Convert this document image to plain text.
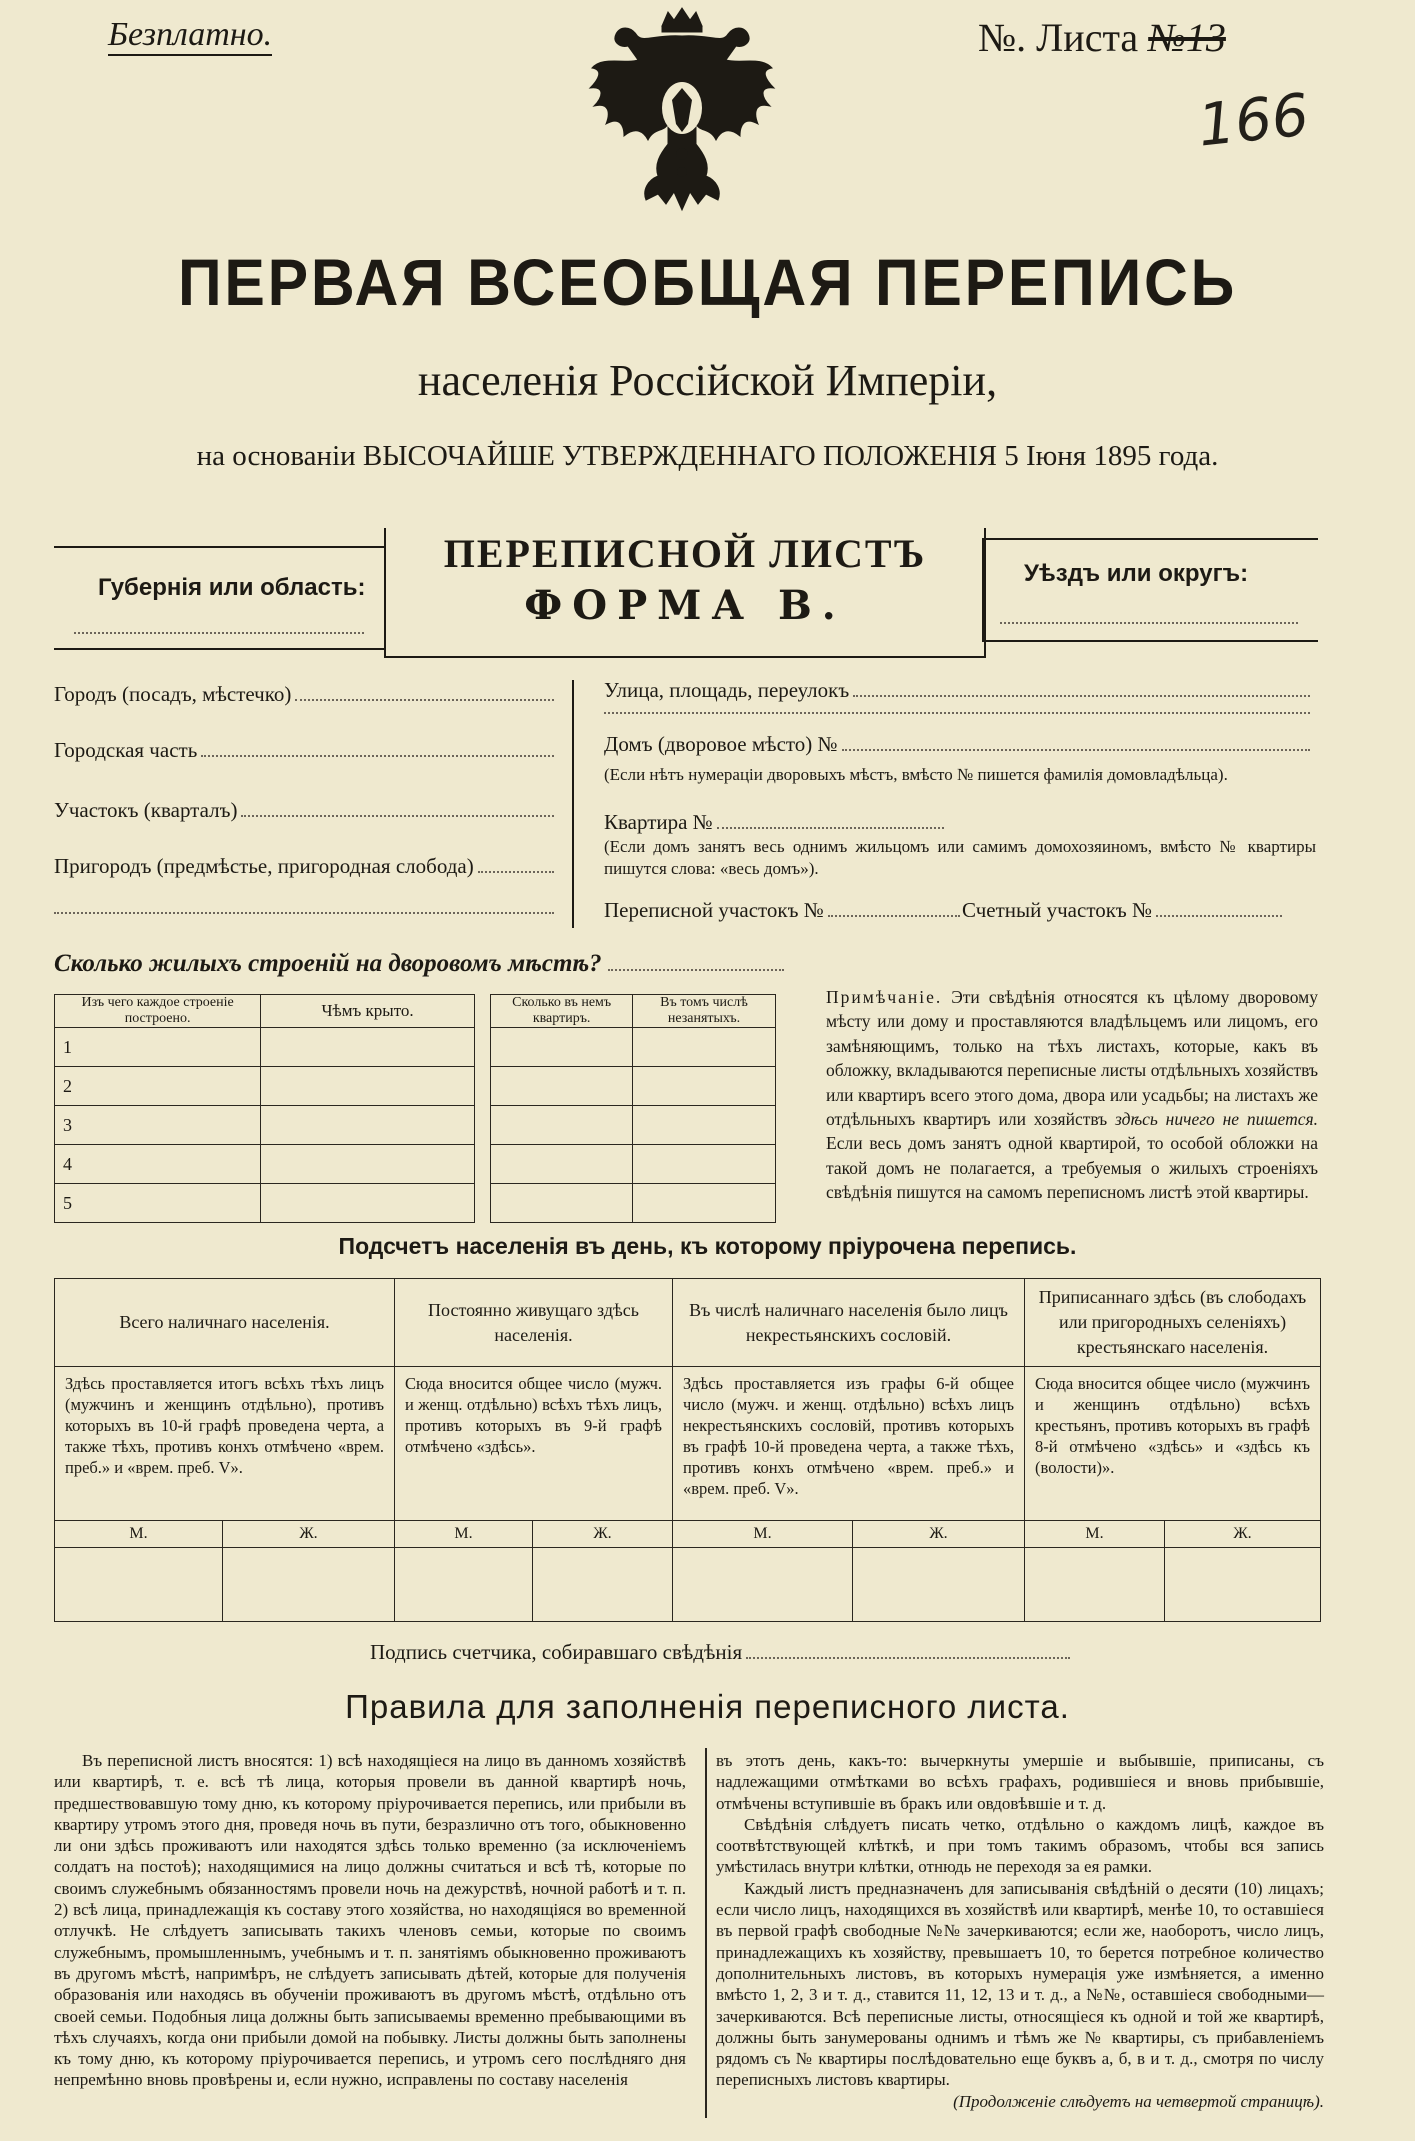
Безплатно.	№. Листа №13
166
ПЕРВАЯ ВСЕОБЩАЯ ПЕРЕПИСЬ
населенія Россійской Имперіи,
на основаніи ВЫСОЧАЙШЕ УТВЕРЖДЕННАГО ПОЛОЖЕНІЯ 5 Іюня 1895 года.
Губернія или область:
ПЕРЕПИСНОЙ ЛИСТЪ
ФОРМА В.
Уѣздъ или округъ:
Городъ (посадъ, мѣстечко)
Городская часть
Участокъ (кварталъ)
Пригородъ (предмѣстье, пригородная слобода)
Улица, площадь, переулокъ
Домъ (дворовое мѣсто) №
(Если нѣтъ нумераціи дворовыхъ мѣстъ, вмѣсто № пишется фамилія домовладѣльца).
Квартира №
(Если домъ занятъ весь однимъ жильцомъ или самимъ домохозяиномъ, вмѣсто № квартиры пишутся слова: «весь домъ»).
Переписной участокъ №	Счетный участокъ №
Сколько жилыхъ строеній на дворовомъ мѣстѣ?
Изъ чего каждое строеніе построено.	Чѣмъ крыто.		Сколько въ немъ квартиръ.	Въ томъ числѣ незанятыхъ.
1				
2				
3				
4				
5				
Примѣчаніе. Эти свѣдѣнія относятся къ цѣлому дворовому мѣсту или дому и проставляются владѣльцемъ или лицомъ, его замѣняющимъ, только на тѣхъ листахъ, которые, какъ въ обложку, вкладываются переписные листы отдѣльныхъ хозяйствъ или квартиръ всего этого дома, двора или усадьбы; на листахъ же отдѣльныхъ квартиръ или хозяйствъ здѣсь ничего не пишется. Если весь домъ занятъ одной квартирой, то особой обложки на такой домъ не полагается, а требуемыя о жилыхъ строеніяхъ свѣдѣнія пишутся на самомъ переписномъ листѣ этой квартиры.
Подсчетъ населенія въ день, къ которому пріурочена перепись.
Всего наличнаго населенія.		Постоянно живущаго здѣсь населенія.		Въ числѣ наличнаго населенія было лицъ некрестьянскихъ сословій.		Приписаннаго здѣсь (въ слободахъ или пригородныхъ селеніяхъ) крестьянскаго населенія.	
Здѣсь проставляется итогъ всѣхъ тѣхъ лицъ (мужчинъ и женщинъ отдѣльно), противъ которыхъ въ 10-й графѣ проведена черта, а также тѣхъ, противъ конхъ отмѣчено «врем. преб.» и «врем. преб. V».		Сюда вносится общее число (мужч. и женщ. отдѣльно) всѣхъ тѣхъ лицъ, противъ которыхъ въ 9-й графѣ отмѣчено «здѣсь».		Здѣсь проставляется изъ графы 6-й общее число (мужч. и женщ. отдѣльно) всѣхъ лицъ некрестьянскихъ сословій, противъ которыхъ въ графѣ 10-й проведена черта, а также тѣхъ, противъ конхъ отмѣчено «врем. преб.» и «врем. преб. V».		Сюда вносится общее число (мужчинъ и женщинъ отдѣльно) всѣхъ крестьянъ, противъ которыхъ въ графѣ 8-й отмѣчено «здѣсь» и «здѣсь къ (волости)».	
М.	Ж.	М.	Ж.	М.	Ж.	М.	Ж.

Подпись счетчика, собиравшаго свѣдѣнія
Правила для заполненія переписного листа.

Въ переписной листъ вносятся: 1) всѣ находящіеся на лицо въ данномъ хозяйствѣ или квартирѣ, т. е. всѣ тѣ лица, которыя провели въ данной квартирѣ ночь, предшествовавшую тому дню, къ которому пріурочивается перепись, или прибыли въ квартиру утромъ этого дня, проведя ночь въ пути, безразлично отъ того, обыкновенно ли они здѣсь проживаютъ или находятся здѣсь только временно (за исключеніемъ солдатъ на постоѣ); находящимися на лицо должны считаться и всѣ тѣ, которые по своимъ служебнымъ обязанностямъ провели ночь на дежурствѣ, ночной работѣ и т. п. 2) всѣ лица, принадлежащія къ составу этого хозяйства, но находящіяся во временной отлучкѣ. Не слѣдуетъ записывать такихъ членовъ семьи, которые по своимъ служебнымъ, промышленнымъ, учебнымъ и т. п. занятіямъ обыкновенно проживаютъ въ другомъ мѣстѣ, напримѣръ, не слѣдуетъ записывать дѣтей, которые для полученія образованія или находясь въ обученіи проживаютъ въ другомъ мѣстѣ, отдѣльно отъ своей семьи. Подобныя лица должны быть записываемы временно пребывающими въ тѣхъ случаяхъ, когда они прибыли домой на побывку. Листы должны быть заполнены къ тому дню, къ которому пріурочивается перепись, и утромъ сего послѣдняго дня непремѣнно вновь провѣрены и, если нужно, исправлены по составу населенія

въ этотъ день, какъ-то: вычеркнуты умершіе и выбывшіе, приписаны, съ надлежащими отмѣтками во всѣхъ графахъ, родившіеся и вновь прибывшіе, отмѣчены вступившіе въ бракъ или овдовѣвшіе и т. д.

Свѣдѣнія слѣдуетъ писать четко, отдѣльно о каждомъ лицѣ, каждое въ соотвѣтствующей клѣткѣ, и при томъ такимъ образомъ, чтобы вся запись умѣстилась внутри клѣтки, отнюдь не переходя за ея рамки.

Каждый листъ предназначенъ для записыванія свѣдѣній о десяти (10) лицахъ; если число лицъ, находящихся въ хозяйствѣ или квартирѣ, менѣе 10, то оставшіеся въ первой графѣ свободные №№ зачеркиваются; если же, наоборотъ, число лицъ, принадлежащихъ къ хозяйству, превышаетъ 10, то берется потребное количество дополнительныхъ листовъ, въ которыхъ нумерація уже измѣняется, а именно вмѣсто 1, 2, 3 и т. д., ставится 11, 12, 13 и т. д., а №№, оставшіеся свободными—зачеркиваются. Всѣ переписные листы, относящіеся къ одной и той же квартирѣ, должны быть занумерованы однимъ и тѣмъ же № квартиры, съ прибавленіемъ рядомъ съ № квартиры послѣдовательно еще буквъ а, б, в и т. д., смотря по числу переписныхъ листовъ квартиры.

(Продолженіе слѣдуетъ на четвертой страницѣ).
